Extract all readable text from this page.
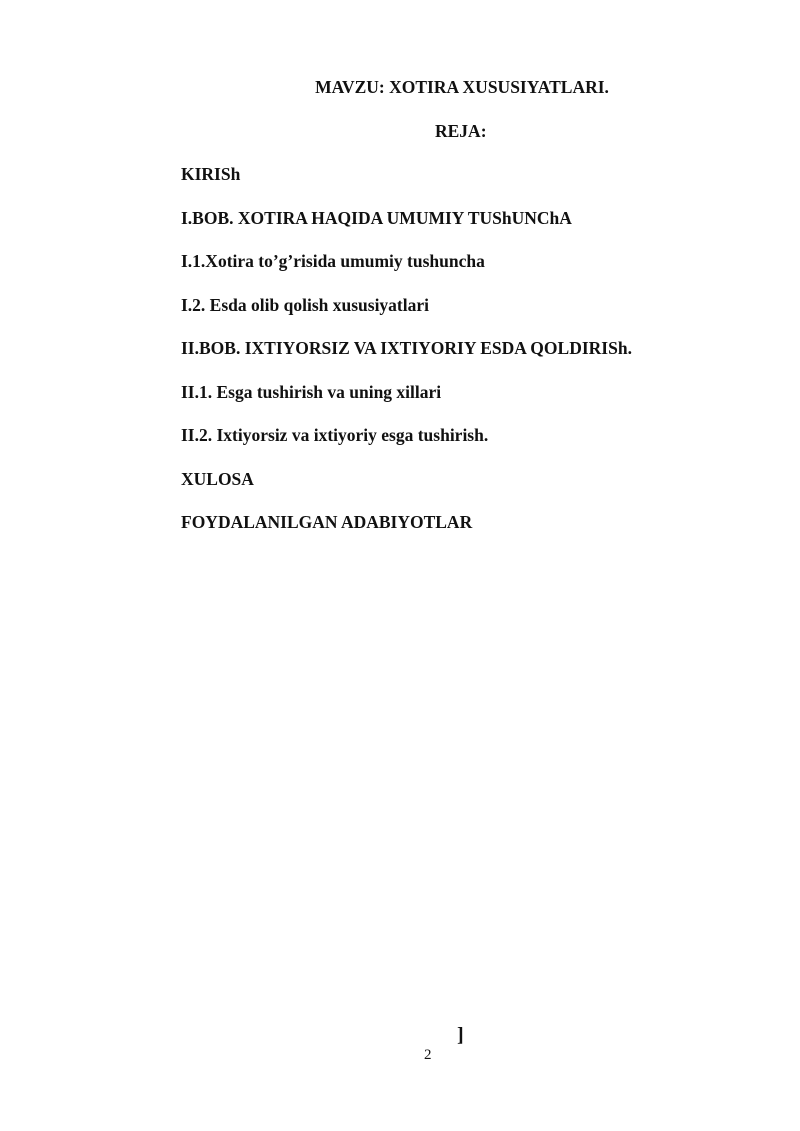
MAVZU: XOTIRA XUSUSIYATLARI.
REJA:
KIRISh
I.BOB. XOTIRA HAQIDA UMUMIY TUShUNChA
I.1.Xotira to’g’risida umumiy tushuncha
I.2. Esda olib qolish xususiyatlari
II.BOB. IXTIYORSIZ VA IXTIYORIY ESDA QOLDIRISh.
II.1. Esga tushirish va uning xillari
II.2. Ixtiyorsiz va ixtiyoriy esga tushirish.
XULOSA
FOYDALANILGAN ADABIYOTLAR
]
2
